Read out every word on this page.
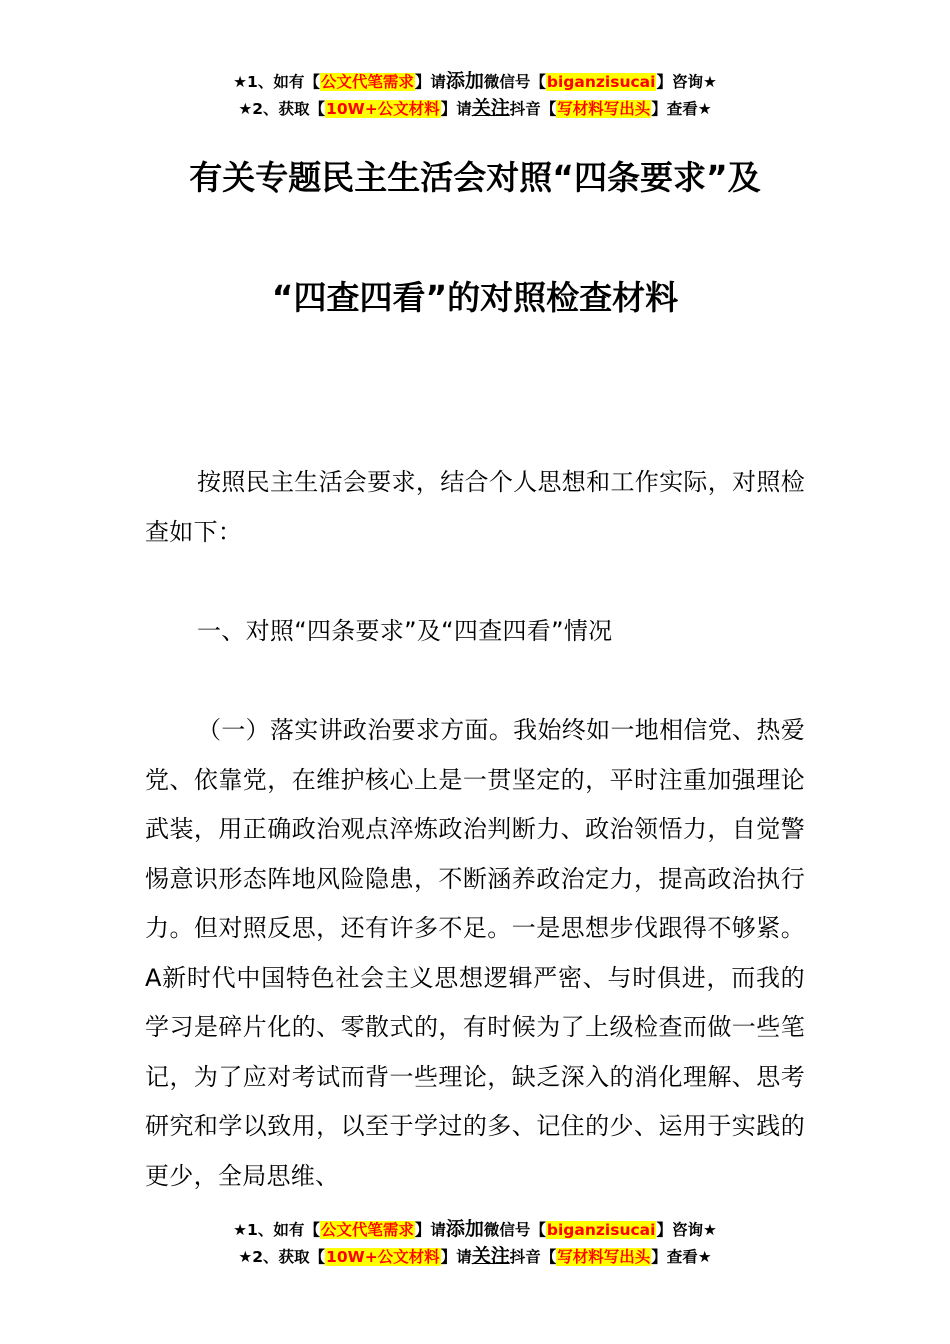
★1、如有【公文代笔需求】请添加微信号【biganzisucai】咨询★
★2、获取【10W+公文材料】请关注抖音【写材料写出头】查看★
有关专题民主生活会对照“四条要求”及
“四查四看”的对照检查材料
按照民主生活会要求，结合个人思想和工作实际，对照检查如下：
一、对照“四条要求”及“四查四看”情况
（一）落实讲政治要求方面。我始终如一地相信党、热爱党、依靠党，在维护核心上是一贯坚定的，平时注重加强理论武装，用正确政治观点淬炼政治判断力、政治领悟力，自觉警惕意识形态阵地风险隐患，不断涵养政治定力，提高政治执行力。但对照反思，还有许多不足。一是思想步伐跟得不够紧。A新时代中国特色社会主义思想逻辑严密、与时俱进，而我的学习是碎片化的、零散式的，有时候为了上级检查而做一些笔记，为了应对考试而背一些理论，缺乏深入的消化理解、思考研究和学以致用，以至于学过的多、记住的少、运用于实践的更少，全局思维、
★1、如有【公文代笔需求】请添加微信号【biganzisucai】咨询★
★2、获取【10W+公文材料】请关注抖音【写材料写出头】查看★
